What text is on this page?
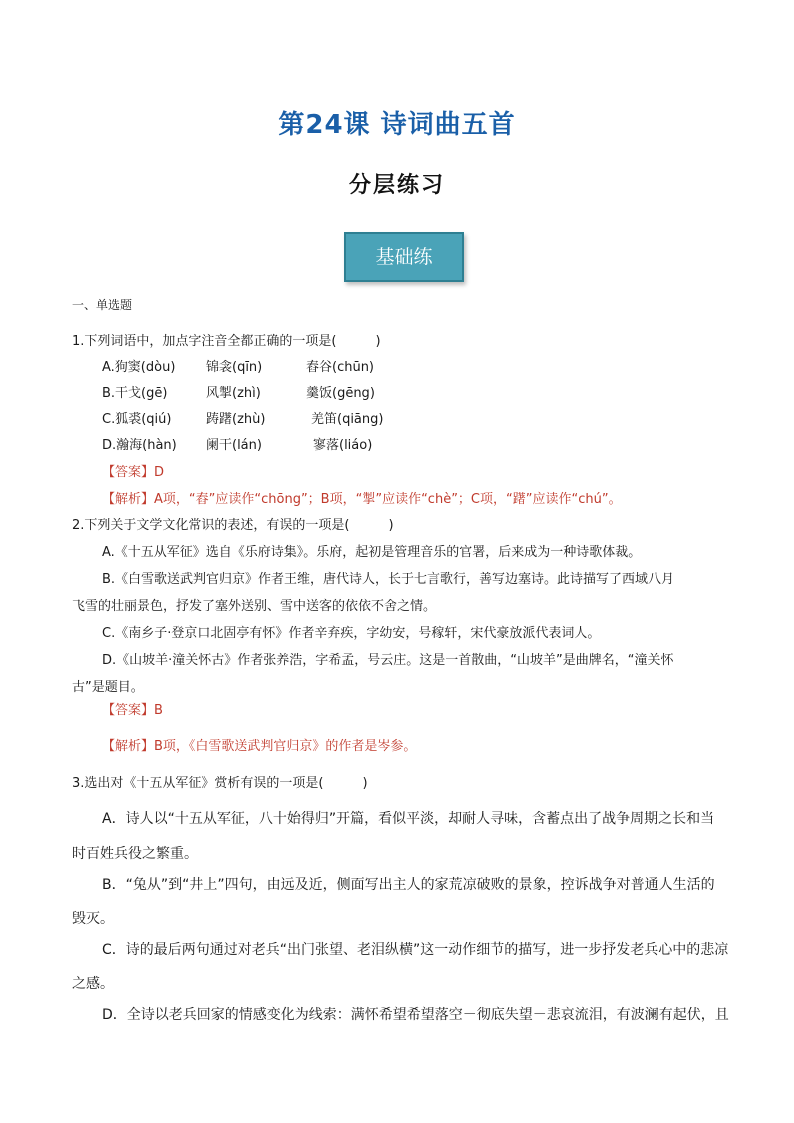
第24课 诗词曲五首
分层练习
基础练
一、单选题
1.下列词语中，加点字注音全都正确的一项是(　　　)
A.狗窦(dòu) 锦衾(qīn)	舂谷(chūn)
B.干戈(gē)	风掣(zhì)	羹饭(gēng)
C.狐裘(qiú)	踌躇(zhù)	羌笛(qiāng)
D.瀚海(hàn) 阑干(lán)	寥落(liáo)
【答案】D
【解析】A项，“舂”应读作“chōng”；B项，“掣”应读作“chè”；C项，“躇”应读作“chú”。
2.下列关于文学文化常识的表述，有误的一项是(　　　)
A.《十五从军征》选自《乐府诗集》。乐府，起初是管理音乐的官署，后来成为一种诗歌体裁。
B.《白雪歌送武判官归京》作者王维，唐代诗人，长于七言歌行，善写边塞诗。此诗描写了西域八月
飞雪的壮丽景色，抒发了塞外送别、雪中送客的依依不舍之情。
C.《南乡子·登京口北固亭有怀》作者辛弃疾，字幼安，号稼轩，宋代豪放派代表词人。
D.《山坡羊·潼关怀古》作者张养浩，字希孟，号云庄。这是一首散曲，“山坡羊”是曲牌名，“潼关怀
古”是题目。
【答案】B
【解析】B项，《白雪歌送武判官归京》的作者是岑参。
3.选出对《十五从军征》赏析有误的一项是(　　　)
A．诗人以“十五从军征，八十始得归”开篇，看似平淡，却耐人寻味，含蓄点出了战争周期之长和当
时百姓兵役之繁重。
B．“兔从”到“井上”四句，由远及近，侧面写出主人的家荒凉破败的景象，控诉战争对普通人生活的
毁灭。
C．诗的最后两句通过对老兵“出门张望、老泪纵横”这一动作细节的描写，进一步抒发老兵心中的悲凉
之感。
D．全诗以老兵回家的情感变化为线索：满怀希望希望落空－彻底失望－悲哀流泪，有波澜有起伏，且
